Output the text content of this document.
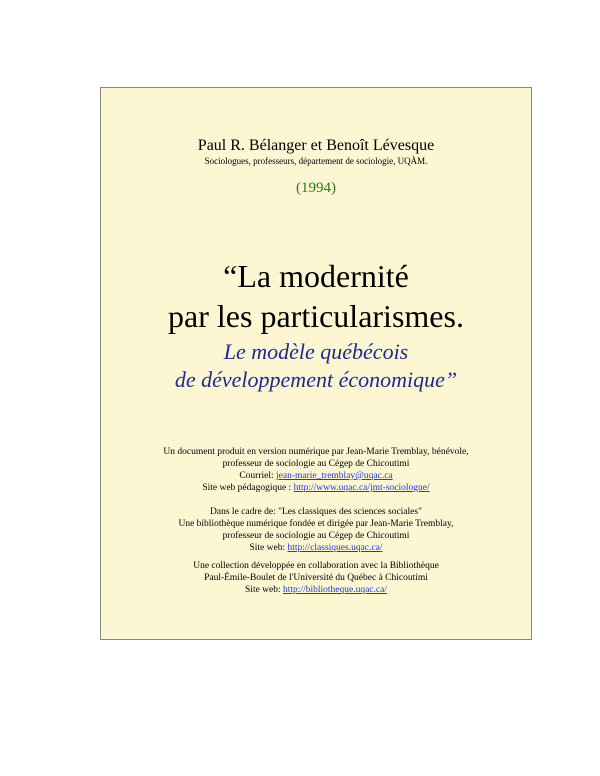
Paul R. Bélanger et Benoît Lévesque
Sociologues, professeurs, département de sociologie, UQÀM.
(1994)
“La modernité
par les particularismes.
Le modèle québécois
de développement économique”
Un document produit en version numérique par Jean-Marie Tremblay, bénévole,
professeur de sociologie au Cégep de Chicoutimi
Courriel: jean-marie_tremblay@uqac.ca
Site web pédagogique : http://www.uqac.ca/jmt-sociologue/
Dans le cadre de: "Les classiques des sciences sociales"
Une bibliothèque numérique fondée et dirigée par Jean-Marie Tremblay,
professeur de sociologie au Cégep de Chicoutimi
Site web: http://classiques.uqac.ca/
Une collection développée en collaboration avec la Bibliothèque
Paul-Émile-Boulet de l'Université du Québec à Chicoutimi
Site web: http://bibliotheque.uqac.ca/
